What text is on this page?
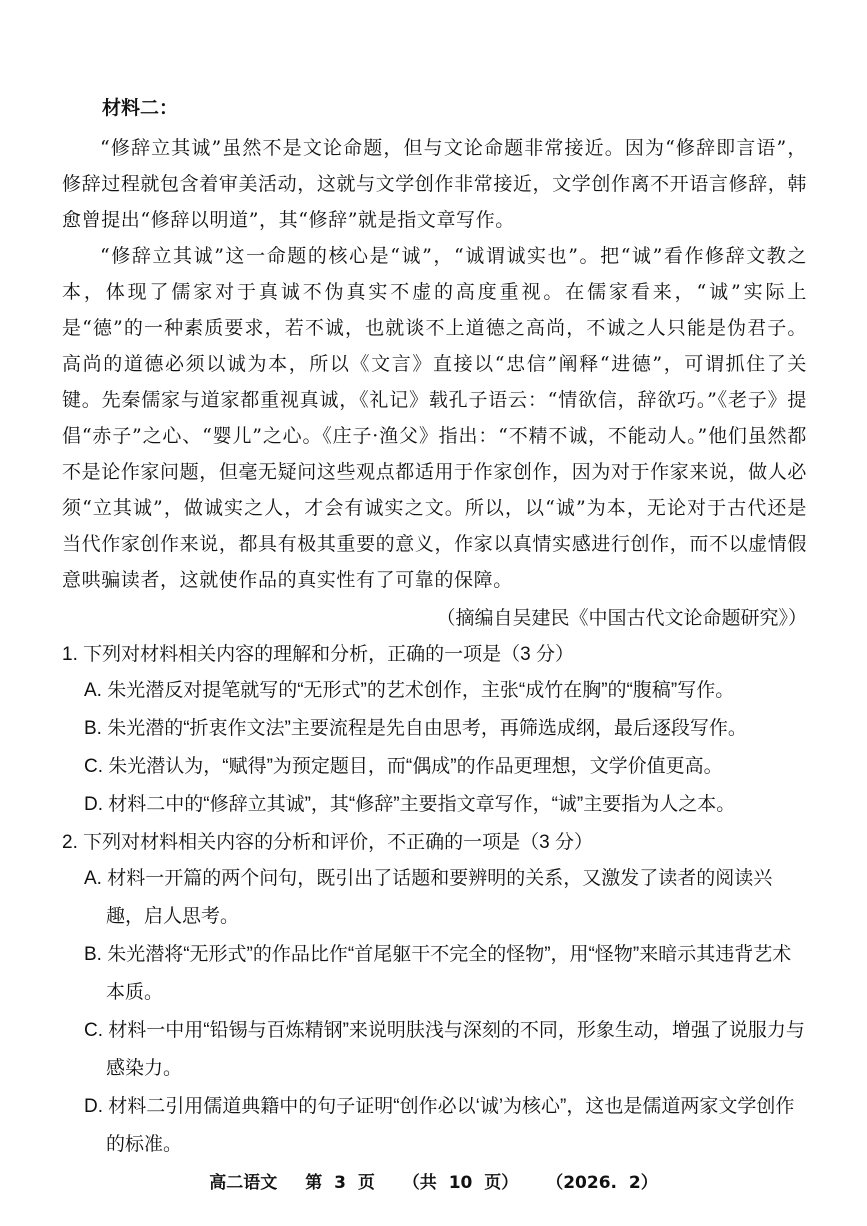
材料二：

“修辞立其诚”虽然不是文论命题，但与文论命题非常接近。因为“修辞即言语”，修辞过程就包含着审美活动，这就与文学创作非常接近，文学创作离不开语言修辞，韩愈曾提出“修辞以明道”，其“修辞”就是指文章写作。

“修辞立其诚”这一命题的核心是“诚”，“诚谓诚实也”。把“诚”看作修辞文教之本，体现了儒家对于真诚不伪真实不虚的高度重视。在儒家看来，“诚”实际上是“德”的一种素质要求，若不诚，也就谈不上道德之高尚，不诚之人只能是伪君子。高尚的道德必须以诚为本，所以《文言》直接以“忠信”阐释“进德”，可谓抓住了关键。先秦儒家与道家都重视真诚，《礼记》载孔子语云：“情欲信，辞欲巧。”《老子》提倡“赤子”之心、“婴儿”之心。《庄子·渔父》指出：“不精不诚，不能动人。”他们虽然都不是论作家问题，但毫无疑问这些观点都适用于作家创作，因为对于作家来说，做人必须“立其诚”，做诚实之人，才会有诚实之文。所以，以“诚”为本，无论对于古代还是当代作家创作来说，都具有极其重要的意义，作家以真情实感进行创作，而不以虚情假意哄骗读者，这就使作品的真实性有了可靠的保障。

（摘编自吴建民《中国古代文论命题研究》）
1. 下列对材料相关内容的理解和分析，正确的一项是（3 分）
A. 朱光潜反对提笔就写的“无形式”的艺术创作，主张“成竹在胸”的“腹稿”写作。
B. 朱光潜的“折衷作文法”主要流程是先自由思考，再筛选成纲，最后逐段写作。
C. 朱光潜认为，“赋得”为预定题目，而“偶成”的作品更理想，文学价值更高。
D. 材料二中的“修辞立其诚”，其“修辞”主要指文章写作，“诚”主要指为人之本。
2. 下列对材料相关内容的分析和评价，不正确的一项是（3 分）
A. 材料一开篇的两个问句，既引出了话题和要辨明的关系，又激发了读者的阅读兴趣，启人思考。
B. 朱光潜将“无形式”的作品比作“首尾躯干不完全的怪物”，用“怪物”来暗示其违背艺术本质。
C. 材料一中用“铅锡与百炼精钢”来说明肤浅与深刻的不同，形象生动，增强了说服力与感染力。
D. 材料二引用儒道典籍中的句子证明“创作必以‘诚’为核心”，这也是儒道两家文学创作的标准。
高二语文 第 3 页 （共 10 页） （2026. 2）
